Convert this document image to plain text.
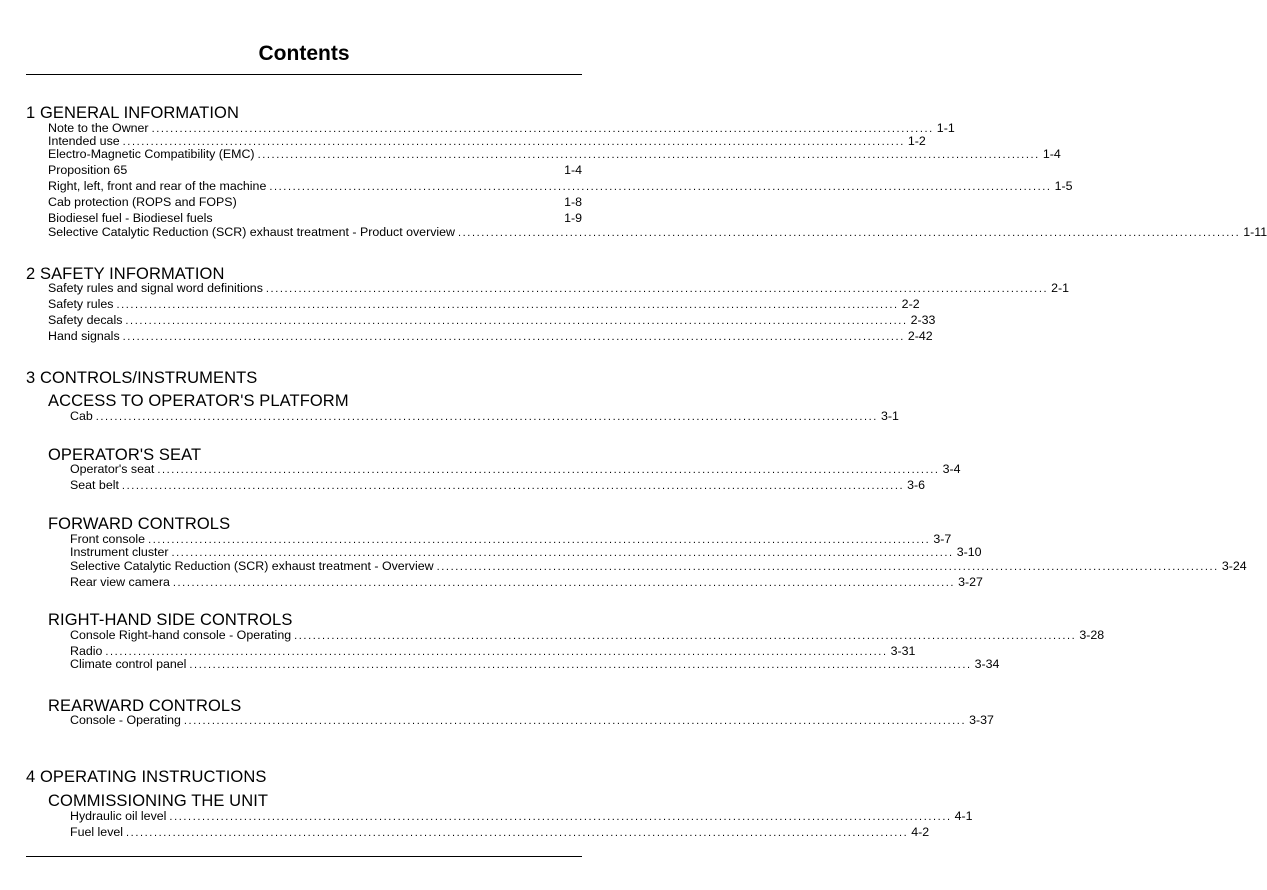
Contents
1 GENERAL INFORMATION
Note to the Owner ........................................................................................................................................................................ 1-1
Intended use ........................................................................................................................................................................ 1-2
Electro-Magnetic Compatibility (EMC) ........................................................................................................................................................................ 1-4
Proposition 65	1-4
Right, left, front and rear of the machine ........................................................................................................................................................................ 1-5
Cab protection (ROPS and FOPS)	1-8
Biodiesel fuel - Biodiesel fuels	1-9
Selective Catalytic Reduction (SCR) exhaust treatment - Product overview ........................................................................................................................................................................ 1-11
2 SAFETY INFORMATION
Safety rules and signal word definitions ........................................................................................................................................................................ 2-1
Safety rules ........................................................................................................................................................................ 2-2
Safety decals ........................................................................................................................................................................ 2-33
Hand signals ........................................................................................................................................................................ 2-42
3 CONTROLS/INSTRUMENTS
ACCESS TO OPERATOR'S PLATFORM
Cab ........................................................................................................................................................................ 3-1
OPERATOR'S SEAT
Operator's seat ........................................................................................................................................................................ 3-4
Seat belt ........................................................................................................................................................................ 3-6
FORWARD CONTROLS
Front console ........................................................................................................................................................................ 3-7
Instrument cluster ........................................................................................................................................................................ 3-10
Selective Catalytic Reduction (SCR) exhaust treatment - Overview ........................................................................................................................................................................ 3-24
Rear view camera ........................................................................................................................................................................ 3-27
RIGHT-HAND SIDE CONTROLS
Console Right-hand console - Operating ........................................................................................................................................................................ 3-28
Radio ........................................................................................................................................................................ 3-31
Climate control panel ........................................................................................................................................................................ 3-34
REARWARD CONTROLS
Console - Operating ........................................................................................................................................................................ 3-37
4 OPERATING INSTRUCTIONS
COMMISSIONING THE UNIT
Hydraulic oil level ........................................................................................................................................................................ 4-1
Fuel level ........................................................................................................................................................................ 4-2
